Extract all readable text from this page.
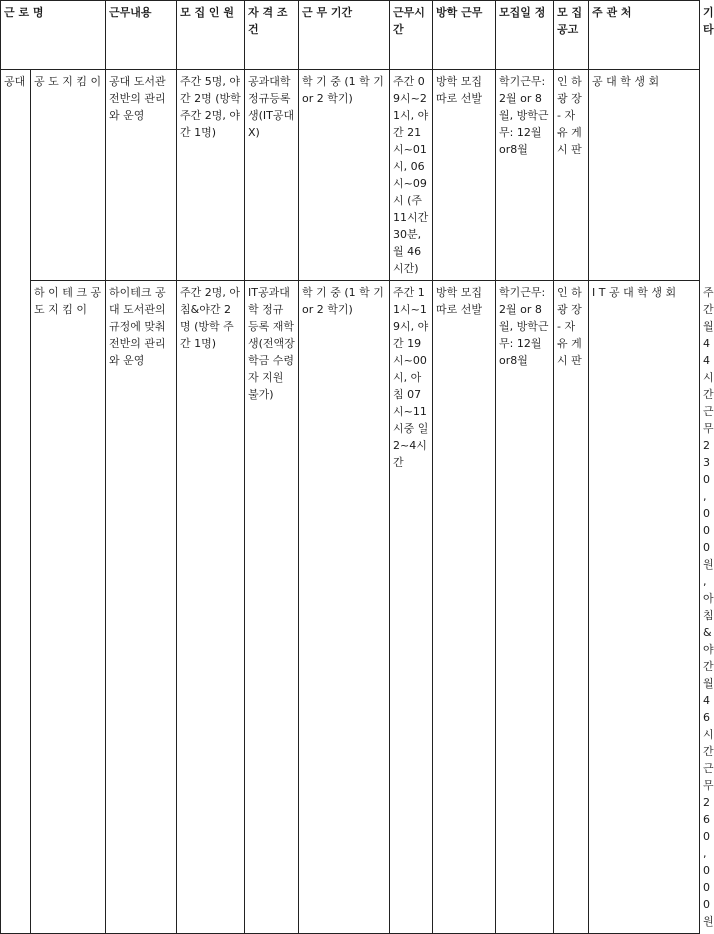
근 로 명		근무내용	모 집 인 원	자 격 조 건	근 무 기간	근무시간	방학 근무	모집일 정	모 집 공고	주 관 처	기타

공대	공 도 지 킴 이	공대 도서관 전반의 관리와 운영	주간 5명, 야간 2명 (방학 주간 2명, 야간 1명)	공과대학 정규등록 생(IT공대X)	학 기 중 (1 학 기 or 2 학기)	주간 09시~21시, 야간 21시~01시, 06시~09시 (주 11시간 30분, 월 46시간)	방학 모집 따로 선발	학기근무: 2월 or 8월, 방학근무: 12월 or8월	인 하 광 장 - 자유 게 시 판	공 대 학 생 회	

	하 이 테 크 공 도 지 킴 이	하이테크 공대 도서관의 규정에 맞춰 전반의 관리와 운영	주간 2명, 아침&야간 2명 (방학 주간 1명)	IT공과대학 정규 등록 재학생(전액장학금 수령자 지원 불가)	학 기 중 (1 학 기 or 2 학기)	주간 11시~19시, 야간 19시~00시, 아침 07시~11시중 일 2~4시간	방학 모집 따로 선발	학기근무: 2월 or 8월, 방학근무: 12월 or8월	인 하 광 장 - 자유 게 시 판	I T 공 대 학 생 회	주간 월 44시간 근 무 230,000원, 아 침&야 간 월 46시간 근 무 260,000원
